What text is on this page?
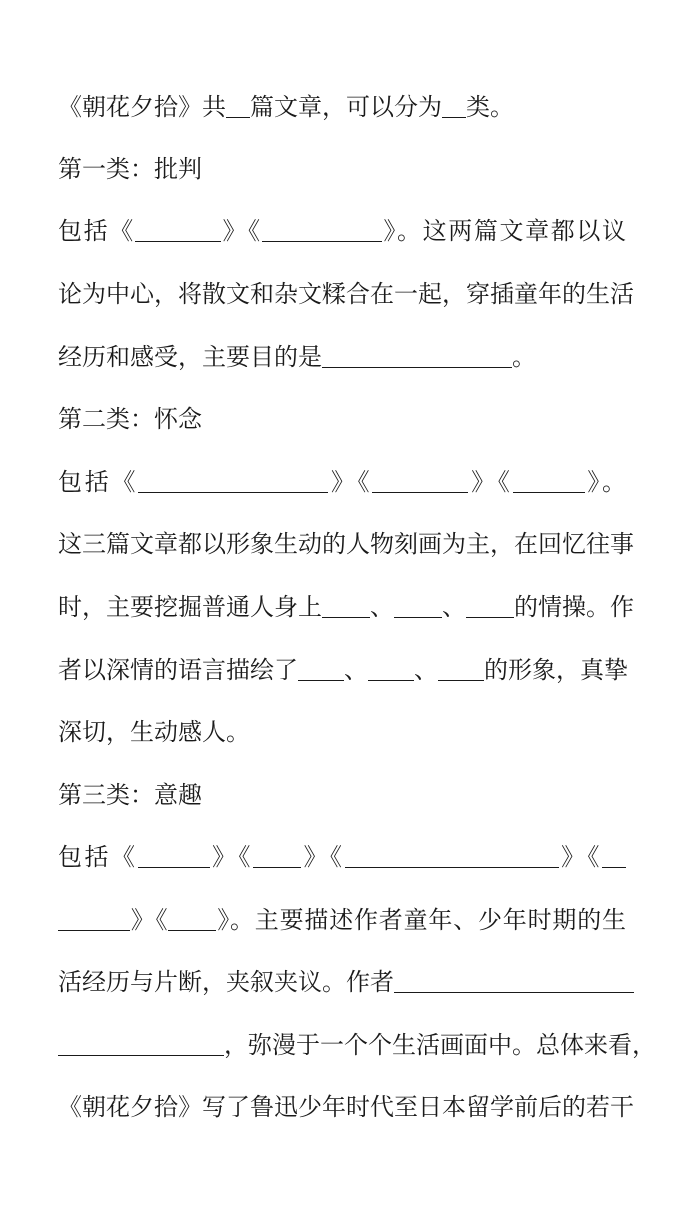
《朝花夕拾》共 篇文章，可以分为 类。
第一类：批判
包括《	》《	》。这两篇文章都以议
论为中心，将散文和杂文糅合在一起，穿插童年的生活
经历和感受，主要目的是	。
第二类：怀念
包括《	》《	》《	》。
这三篇文章都以形象生动的人物刻画为主，在回忆往事
时，主要挖掘普通人身上 、 、 的情操。作
者以深情的语言描绘了 、 、 的形象，真挚
深切，生动感人。
第三类：意趣
包括《	》《 》《	》《
》《 》。主要描述作者童年、少年时期的生
活经历与片断，夹叙夹议。作者
，弥漫于一个个生活画面中。总体来看，
《朝花夕拾》写了鲁迅少年时代至日本留学前后的若干
